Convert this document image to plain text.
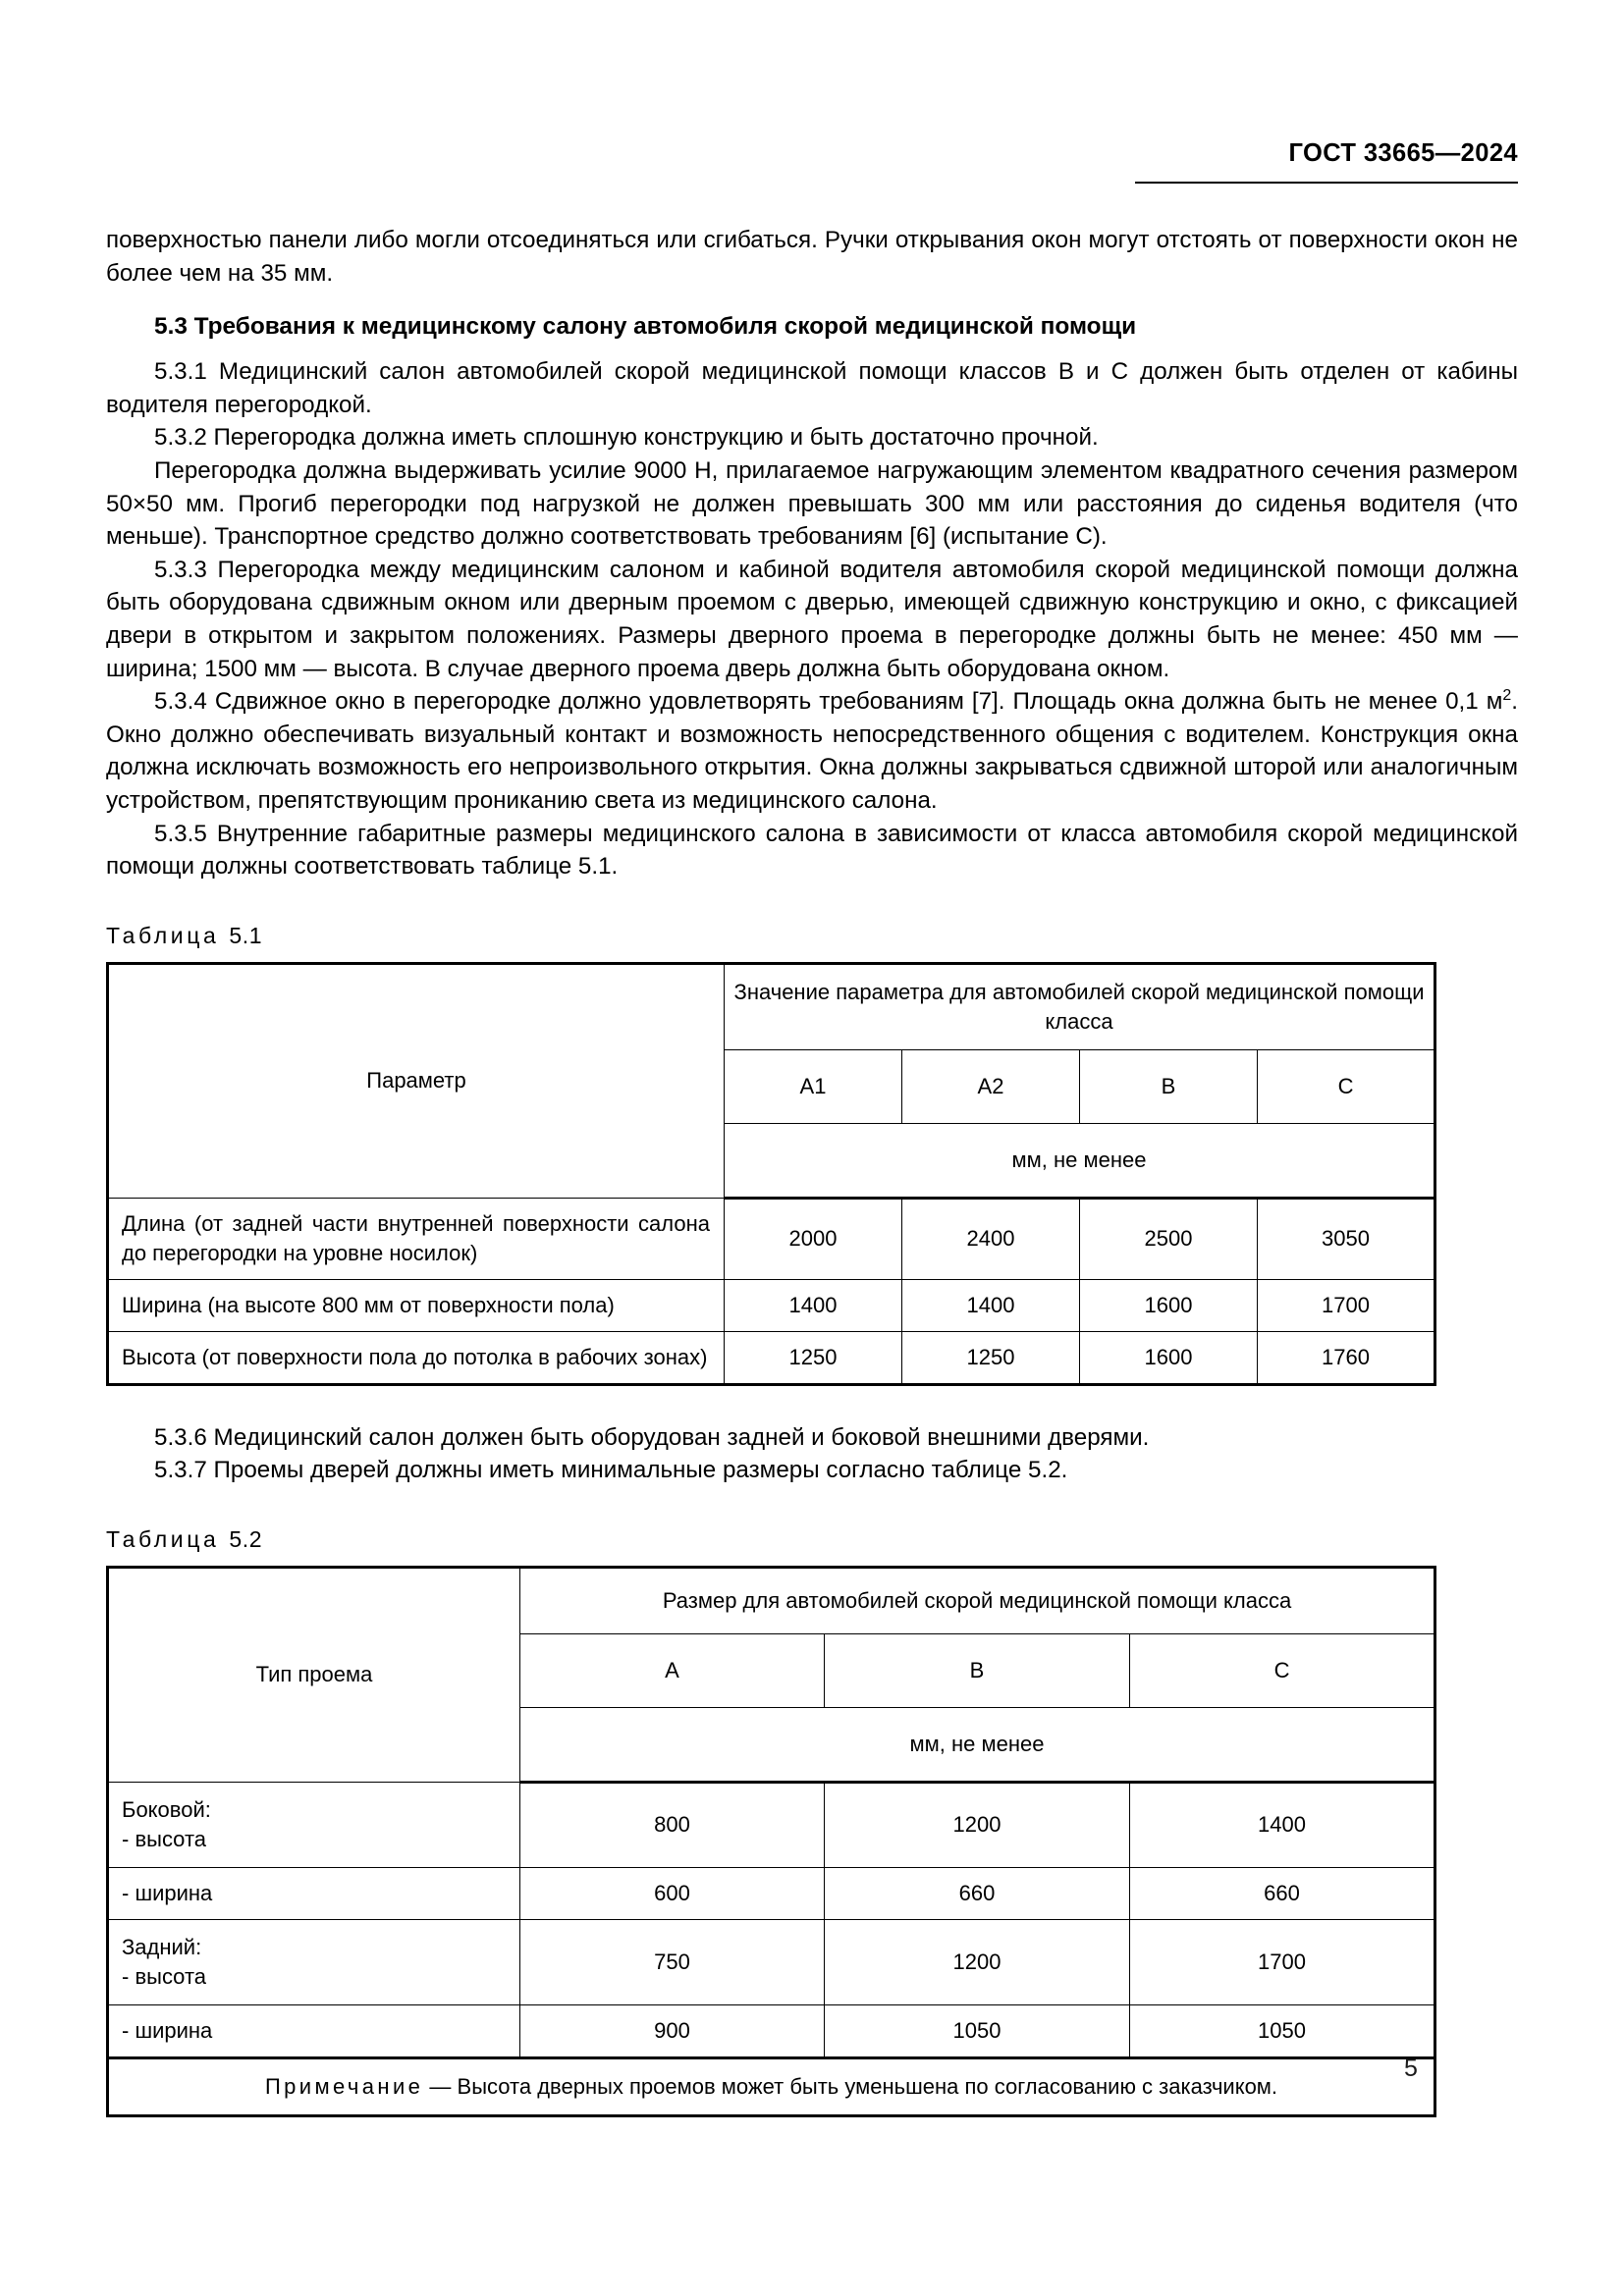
ГОСТ 33665—2024

поверхностью панели либо могли отсоединяться или сгибаться. Ручки открывания окон могут отстоять от поверхности окон не более чем на 35 мм.

5.3 Требования к медицинскому салону автомобиля скорой медицинской помощи

5.3.1 Медицинский салон автомобилей скорой медицинской помощи классов В и С должен быть отделен от кабины водителя перегородкой.

5.3.2 Перегородка должна иметь сплошную конструкцию и быть достаточно прочной.

Перегородка должна выдерживать усилие 9000 Н, прилагаемое нагружающим элементом квадратного сечения размером 50×50 мм. Прогиб перегородки под нагрузкой не должен превышать 300 мм или расстояния до сиденья водителя (что меньше). Транспортное средство должно соответствовать требованиям [6] (испытание С).

5.3.3 Перегородка между медицинским салоном и кабиной водителя автомобиля скорой медицинской помощи должна быть оборудована сдвижным окном или дверным проемом с дверью, имеющей сдвижную конструкцию и окно, с фиксацией двери в открытом и закрытом положениях. Размеры дверного проема в перегородке должны быть не менее: 450 мм — ширина; 1500 мм — высота. В случае дверного проема дверь должна быть оборудована окном.

5.3.4 Сдвижное окно в перегородке должно удовлетворять требованиям [7]. Площадь окна должна быть не менее 0,1 $м^2$. Окно должно обеспечивать визуальный контакт и возможность непосредственного общения с водителем. Конструкция окна должна исключать возможность его непроизвольного открытия. Окна должны закрываться сдвижной шторой или аналогичным устройством, препятствующим прониканию света из медицинского салона.

5.3.5 Внутренние габаритные размеры медицинского салона в зависимости от класса автомобиля скорой медицинской помощи должны соответствовать таблице 5.1.

Таблица 5.1
Параметр	Значение параметра для автомобилей скорой медицинской помощи класса			
	А1	А2	В	С
	мм, не менее			
Длина (от задней части внутренней поверхности салона до перегородки на уровне носилок)	2000	2400	2500	3050
Ширина (на высоте 800 мм от поверхности пола)	1400	1400	1600	1700
Высота (от поверхности пола до потолка в рабочих зонах)	1250	1250	1600	1760

5.3.6 Медицинский салон должен быть оборудован задней и боковой внешними дверями.

5.3.7 Проемы дверей должны иметь минимальные размеры согласно таблице 5.2.

Таблица 5.2
Тип проема	Размер для автомобилей скорой медицинской помощи класса		
	А	В	С
	мм, не менее		

Боковой:
- высота	800	1200	1400
- ширина	600	660	660

Задний:
- высота	750	1200	1700
- ширина	900	1050	1050
Примечание — Высота дверных проемов может быть уменьшена по согласованию с заказчиком.			
5
